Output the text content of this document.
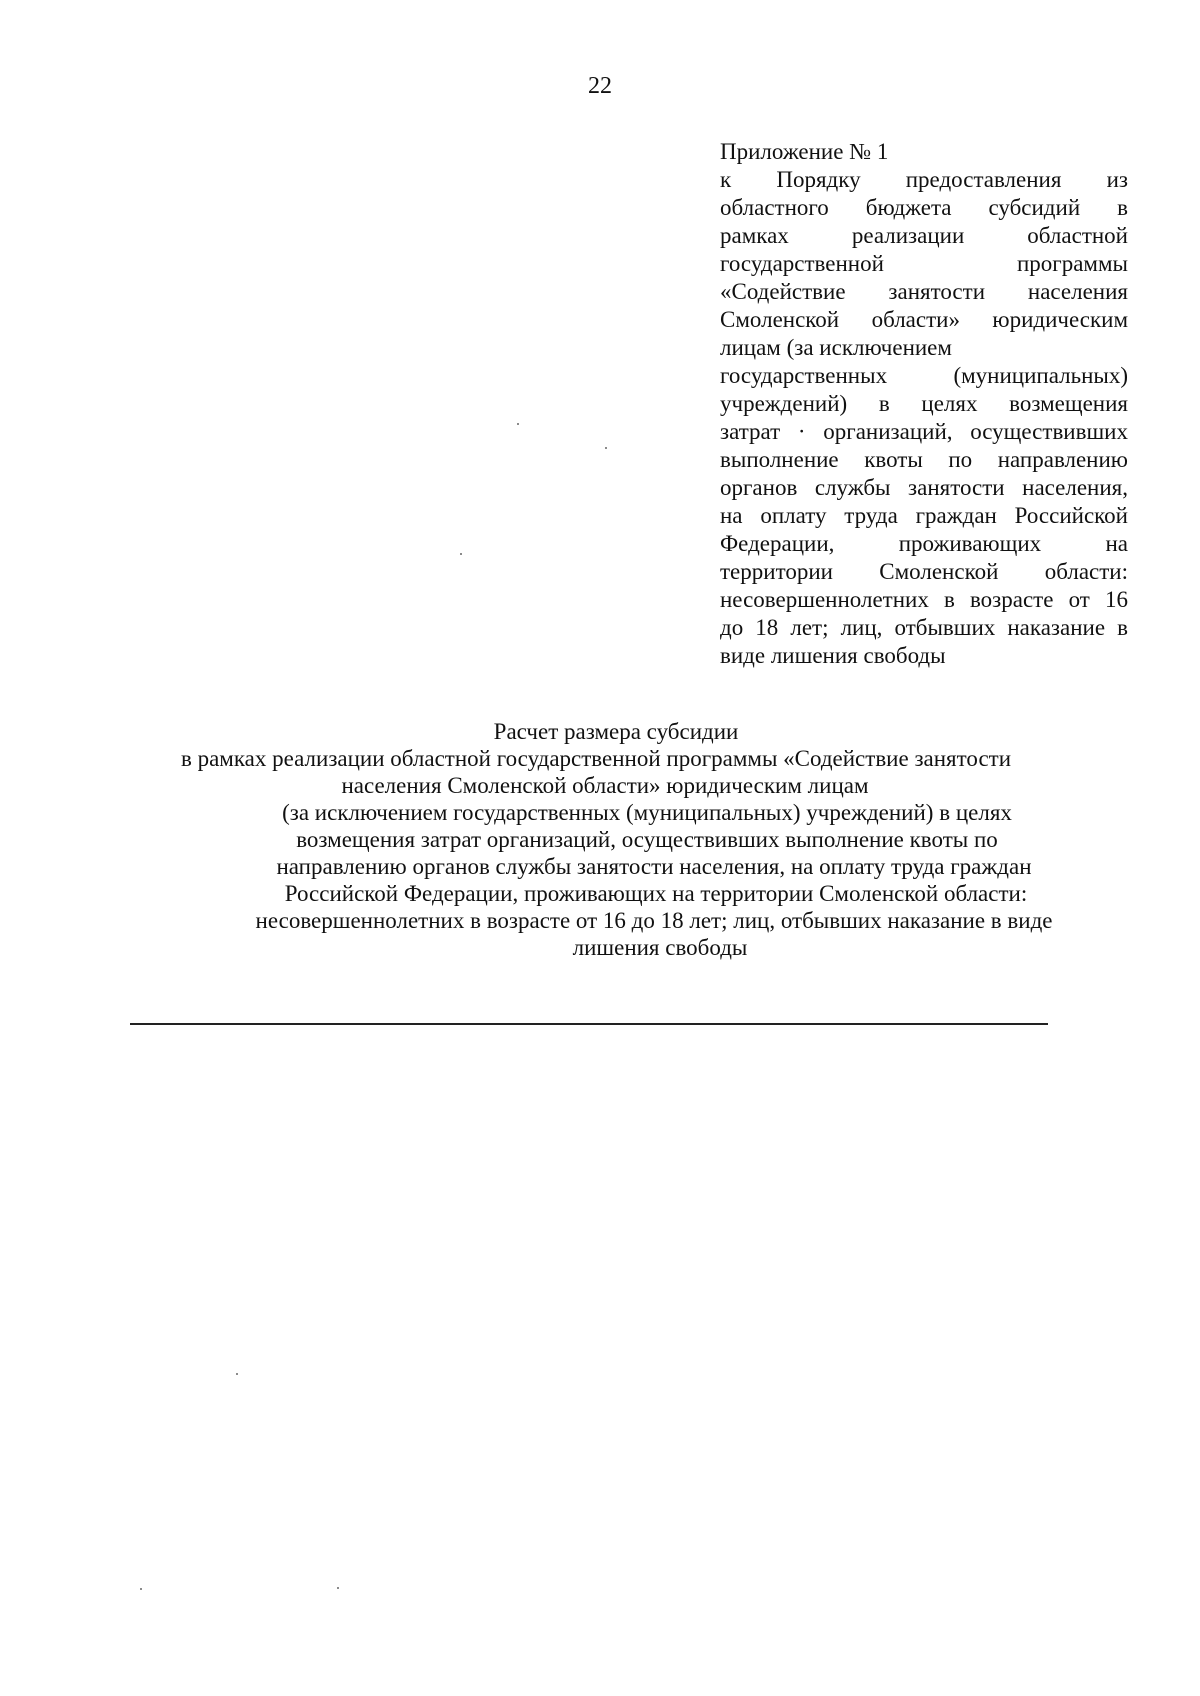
22
Приложение № 1
к Порядку предоставления из
областного бюджета субсидий в
рамках реализации областной
государственной программы
«Содействие занятости населения
Смоленской области» юридическим
лицам (за исключением
государственных (муниципальных)
учреждений) в целях возмещения
затрат · организаций, осуществивших
выполнение квоты по направлению
органов службы занятости населения,
на оплату труда граждан Российской
Федерации, проживающих на
территории Смоленской области:
несовершеннолетних в возрасте от 16
до 18 лет; лиц, отбывших наказание в
виде лишения свободы
Расчет размера субсидии
в рамках реализации областной государственной программы «Содействие занятости
населения Смоленской области» юридическим лицам
(за исключением государственных (муниципальных) учреждений) в целях
возмещения затрат организаций, осуществивших выполнение квоты по
направлению органов службы занятости населения, на оплату труда граждан
Российской Федерации, проживающих на территории Смоленской области:
несовершеннолетних в возрасте от 16 до 18 лет; лиц, отбывших наказание в виде
лишения свободы
